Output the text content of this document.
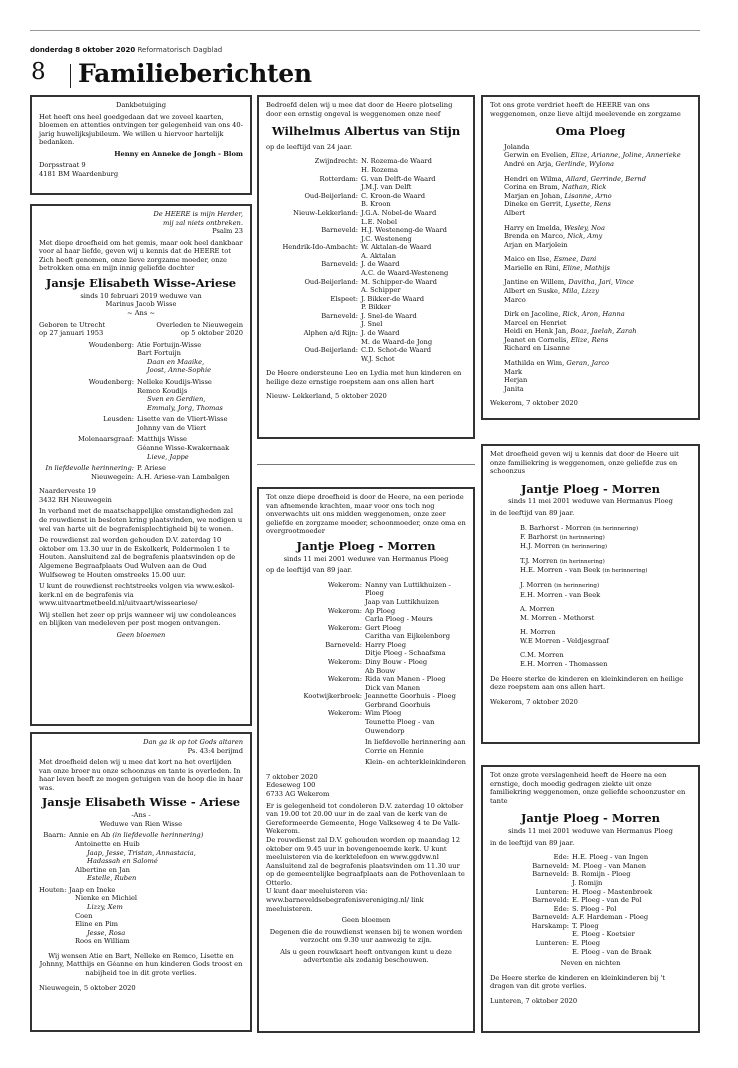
donderdag 8 oktober 2020 Reformatorisch Dagblad
8 Familieberichten

Dankbetuiging

Het heeft ons heel goedgedaan dat we zoveel kaarten, bloemen en attenties ontvingen ter gelegenheid van ons 40-jarig huwelijksjubileum. We willen u hiervoor hartelijk bedanken.

Henny en Anneke de Jongh - Blom

Dorpsstraat 9

4181 BM Waardenburg

De HEERE is mijn Herder,

mij zal niets ontbreken.

Psalm 23

Met diepe droefheid om het gemis, maar ook heel dankbaar voor al haar liefde, geven wij u kennis dat de HEERE tot Zich heeft genomen, onze lieve zorgzame moeder, onze betrokken oma en mijn innig geliefde dochter

Jansje Elisabeth Wisse-Ariese

sinds 10 februari 2019 weduwe van

Marinus Jacob Wisse

~ Ans ~

Geboren te Utrecht

op 27 januari 1953

Overleden te Nieuwegein

op 5 oktober 2020

Woudenberg: Atie Fortuijn-Wisse

Bart Fortuijn

Daan en Maaike,

Joost, Anne-Sophie

Woudenberg: Nelleke Koudijs-Wisse

Remco Koudijs

Sven en Gerdien,

Emmaly, Jorg, Thomas

Leusden: Lisette van de Vliert-Wisse

Johnny van de Vliert

Molenaarsgraaf: Matthijs Wisse

Géanne Wisse-Kwakernaak

Lieve, Jappe

In liefdevolle herinnering: P. Ariese

Nieuwegein: A.H. Ariese-van Lambalgen

Naarderveste 19

3432 RH Nieuwegein

In verband met de maatschappelijke omstandigheden zal de rouwdienst in besloten kring plaatsvinden, we nodigen u wel van harte uit de begrafenisplechtigheid bij te wonen.

De rouwdienst zal worden gehouden D.V. zaterdag 10 oktober om 13.30 uur in de Eskolkerk, Poldermolen 1 te Houten. Aansluitend zal de begrafenis plaatsvinden op de Algemene Begraafplaats Oud Wulven aan de Oud Wulfseweg te Houten omstreeks 15.00 uur.

U kunt de rouwdienst rechtstreeks volgen via www.eskol-kerk.nl en de begrafenis via www.uitvaartmetbeeld.nl/uitvaart/wisseariese/

Wij stellen het zeer op prijs wanneer wij uw condoleances en blijken van medeleven per post mogen ontvangen.

Geen bloemen

Dan ga ik op tot Gods altaren

Ps. 43:4 berijmd

Met droefheid delen wij u mee dat kort na het overlijden van onze broer nu onze schoonzus en tante is overleden. In haar leven heeft ze mogen getuigen van de hoop die in haar was.

Jansje Elisabeth Wisse - Ariese

-Ans -

Weduwe van Rien Wisse

Baarn: Annie en Ab (in liefdevolle herinnering)

Antoinette en Huib

Jaap, Jesse, Tristan, Annastacia,

Hadassah en Salomé

Albertine en Jan

Estelle, Ruben

Houten: Jaap en Ineke

Nienke en Michiel

Lizzy, Xem

Coen

Eline en Pim

Jesse, Rosa

Roos en William

Wij wensen Atie en Bart, Nelleke en Remco, Lisette en Johnny, Matthijs en Géanne en hun kinderen Gods troost en nabijheid toe in dit grote verlies.

Nieuwegein, 5 oktober 2020

Bedroefd delen wij u mee dat door de Heere plotseling door een ernstig ongeval is weggenomen onze neef

Wilhelmus Albertus van Stijn

op de leeftijd van 24 jaar.

Zwijndrecht: N. Rozema-de Waard

H. Rozema

Rotterdam: G. van Delft-de Waard

J.M.J. van Delft

Oud-Beijerland: C. Kroon-de Waard

B. Kroon

Nieuw-Lekkerland: J.G.A. Nobel-de Waard

L.E. Nobel

Barneveld: H.J. Westeneng-de Waard

J.C. Westeneng

Hendrik-Ido-Ambacht: W. Aktalan-de Waard

A. Aktalan

Barneveld: J. de Waard

A.C. de Waard-Westeneng

Oud-Beijerland: M. Schipper-de Waard

A. Schipper

Elspeet: J. Bikker-de Waard

P. Bikker

Barneveld: J. Snel-de Waard

J. Snel

Alphen a/d Rijn: J. de Waard

M. de Waard-de Jong

Oud-Beijerland: C.D. Schot-de Waard

W.J. Schot

De Heere ondersteune Leo en Lydia met hun kinderen en heilige deze ernstige roepstem aan ons allen hart

Nieuw- Lekkerland, 5 oktober 2020

Tot onze diepe droefheid is door de Heere, na een periode van afnemende krachten, maar voor ons toch nog onverwachts uit ons midden weggenomen, onze zeer geliefde en zorgzame moeder, schoonmoeder, onze oma en overgrootmoeder

Jantje Ploeg - Morren

sinds 11 mei 2001 weduwe van Hermanus Ploeg

op de leeftijd van 89 jaar.

Wekerom: Nanny van Luttikhuizen - Ploeg

Jaap van Luttikhuizen

Wekerom: Ap Ploeg

Carla Ploeg - Meurs

Wekerom: Gert Ploeg

Caritha van Eijkelenborg

Barneveld: Harry Ploeg

Ditje Ploeg - Schaafsma

Wekerom: Diny Bouw - Ploeg

Ab Bouw

Wekerom: Rida van Manen - Ploeg

Dick van Manen

Kootwijkerbroek: Jeannette Goorhuis - Ploeg

Gerbrand Goorhuis

Wekerom: Wim Ploeg

Teunette Ploeg - van Ouwendorp

In liefdevolle herinnering aan

Corrie en Hennie

Klein- en achterkleinkinderen

7 oktober 2020

Edeseweg 100

6733 AG Wekerom

Er is gelegenheid tot condoleren D.V. zaterdag 10 oktober van 19.00 tot 20.00 uur in de zaal van de kerk van de Gereformeerde Gemeente, Hoge Valkseweg 4 te De Valk-Wekerom.

De rouwdienst zal D.V. gehouden worden op maandag 12 oktober om 9.45 uur in bovengenoemde kerk. U kunt meeluisteren via de kerktelefoon en www.ggdvw.nl

Aansluitend zal de begrafenis plaatsvinden om 11.30 uur op de gemeentelijke begraafplaats aan de Pothovenlaan te Otterlo.

U kunt daar meeluisteren via: www.barneveldsebegrafenisvereniging.nl/ link meeluisteren.

Geen bloemen

Degenen die de rouwdienst wensen bij te wonen worden verzocht om 9.30 uur aanwezig te zijn.

Als u geen rouwkaart heeft ontvangen kunt u deze advertentie als zodanig beschouwen.

Tot ons grote verdriet heeft de HEERE van ons weggenomen, onze lieve altijd meelevende en zorgzame

Oma Ploeg

Jolanda

Gerwin en Evelien, Elize, Arianne, Joline, Annerieke

André en Arja, Gerlinde, Wylona

Hendri en Wilma, Allard, Gerrinde, Bernd

Corina en Bram, Nathan, Rick

Marjan en Johan, Lisanne, Arno

Dineke en Gerrit, Lysette, Rens

Albert

Harry en Imelda, Wesley, Noa

Brenda en Marco, Nick, Amy

Arjan en Marjolein

Maico en Ilse, Esmee, Dani

Marielle en Rini, Eline, Mathijs

Jantine en Willem, Davitha, Jari, Vince

Albert en Suske, Mila, Lizzy

Marco

Dirk en Jacoline, Rick, Aron, Hanna

Marcel en Henriet

Heidi en Henk Jan, Boaz, Jaelah, Zarah

Jeanet en Cornelis, Elize, Rens

Richard en Lisanne

Mathilda en Wim, Geran, Jarco

Mark

Herjan

Janita

Wekerom, 7 oktober 2020

Met droefheid geven wij u kennis dat door de Heere uit onze familiekring is weggenomen, onze geliefde zus en schoonzus

Jantje Ploeg - Morren

sinds 11 mei 2001 weduwe van Hermanus Ploeg

in de leeftijd van 89 jaar.

B. Barhorst - Morren (in herinnering)

F. Barhorst (in herinnering)

H.J. Morren (in herinnering)

T.J. Morren (in herinnering)

H.E. Morren - van Beek (in herinnering)

J. Morren (in herinnering)

E.H. Morren - van Beek

A. Morren

M. Morren - Methorst

H. Morren

W.E Morren - Veldjesgraaf

C.M. Morren

E.H. Morren - Thomassen

De Heere sterke de kinderen en kleinkinderen en heilige deze roepstem aan ons allen hart.

Wekerom, 7 oktober 2020

Tot onze grote verslagenheid heeft de Heere na een ernstige, doch moedig gedragen ziekte uit onze familiekring weggenomen, onze geliefde schoonzuster en tante

Jantje Ploeg - Morren

sinds 11 mei 2001 weduwe van Hermanus Ploeg

in de leeftijd van 89 jaar.

Ede: H.E. Ploeg - van Ingen

Barneveld: M. Ploeg - van Manen

Barneveld: B. Romijn - Ploeg

J. Romijn

Lunteren: H. Ploeg - Mastenbroek

Barneveld: E. Ploeg - van de Pol

Ede: S. Ploeg - Pol

Barneveld: A.F. Hardeman - Ploeg

Harskamp: T. Ploeg

E. Ploeg - Koetsier

Lunteren: E. Ploeg

E. Ploeg - van de Braak

Neven en nichten

De Heere sterke de kinderen en kleinkinderen bij 't dragen van dit grote verlies.

Lunteren, 7 oktober 2020
